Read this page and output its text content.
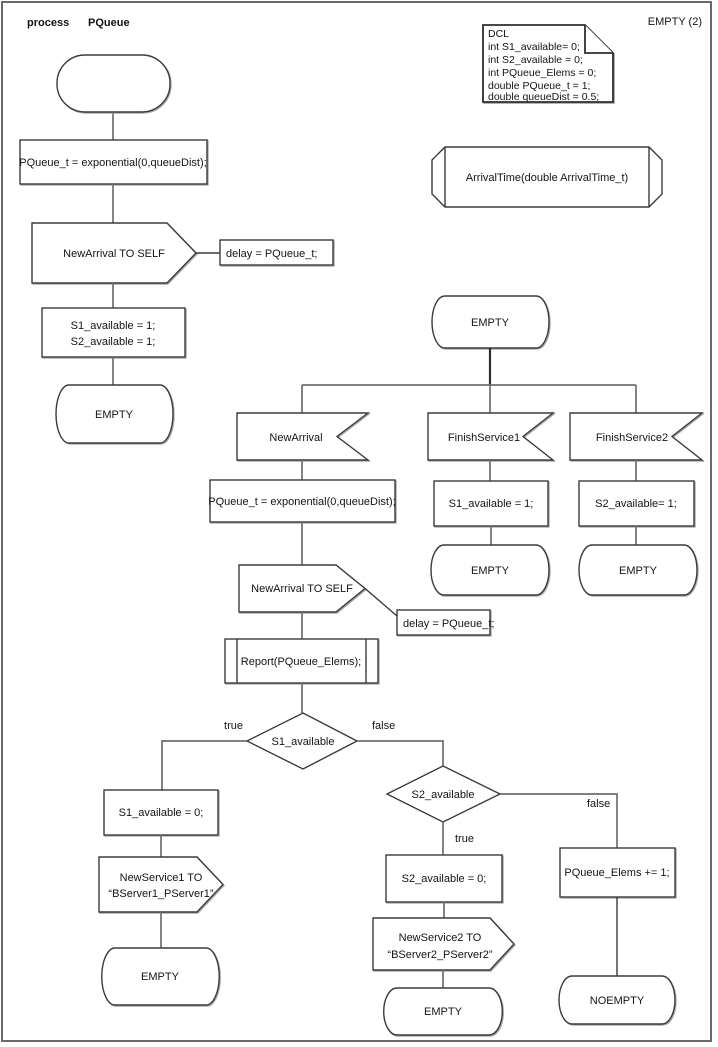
process PQueue	EMPTY (2)
DCL
int S1_available= 0;
int S2_available = 0;
int PQueue_Elems = 0;
double PQueue_t = 1;
double queueDist = 0.5;
ArrivalTime(double ArrivalTime_t)
PQueue_t = exponential(0,queueDist);
NewArrival TO SELF	delay = PQueue_t;
S1_available = 1;
S2_available = 1;
EMPTY
EMPTY
NewArrival	FinishService1	FinishService2
S1_available = 1;
EMPTY
S2_available= 1;
EMPTY
PQueue_t = exponential(0,queueDist);
NewArrival TO SELF
delay = PQueue_t;
Report(PQueue_Elems);
S1_available
true	false
S1_available = 0;
NewService1 TO
“BServer1_PServer1”
EMPTY
S2_available
true
false
S2_available = 0;
NewService2 TO
“BServer2_PServer2”
EMPTY
PQueue_Elems += 1;
NOEMPTY
